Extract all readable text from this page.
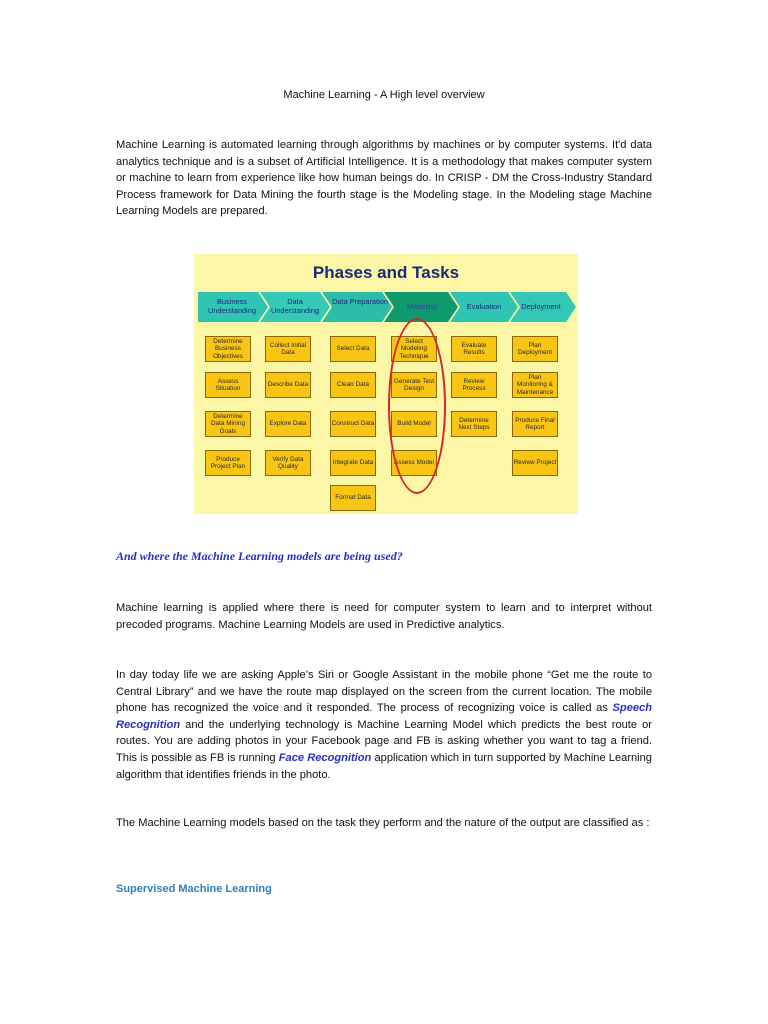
Machine Learning - A High level overview

Machine Learning is automated learning through algorithms by machines or by computer systems. It'd data analytics technique and is a subset of Artificial Intelligence. It is a methodology that makes computer system or machine to learn from experience like how human beings do. In CRISP - DM the Cross-Industry Standard Process framework for Data Mining the fourth stage is the Modeling stage. In the Modeling stage Machine Learning Models are prepared.

Phases and Tasks
Business Understanding
Data Understanding
Data Preparation
Modeling	Evaluation	Deployment
Determine Business Objectives
Assess Situation
Determine Data Mining Goals
Produce Project Plan
Collect Initial Data
Describe Data
Explore Data
Verify Data Quality
Select Data
Clean Data
Construct Data
Integrate Data
Format Data
Select Modeling Technique
Generate Test Design
Build Model
Assess Model
Evaluate Results
Review Process
Determine Next Steps
Plan Deployment
Plan Monitoring & Maintenance
Produce Final Report
Review Project
And where the Machine Learning models are being used?

Machine learning is applied where there is need for computer system to learn and to interpret without precoded programs. Machine Learning Models are used in Predictive analytics.

In day today life we are asking Apple’s Siri or Google Assistant in the mobile phone “Get me the route to Central Library” and we have the route map displayed on the screen from the current location. The mobile phone has recognized the voice and it responded. The process of recognizing voice is called as Speech Recognition and the underlying technology is Machine Learning Model which predicts the best route or routes. You are adding photos in your Facebook page and FB is asking whether you want to tag a friend. This is possible as FB is running Face Recognition application which in turn supported by Machine Learning algorithm that identifies friends in the photo.

The Machine Learning models based on the task they perform and the nature of the output are classified as :

Supervised Machine Learning
